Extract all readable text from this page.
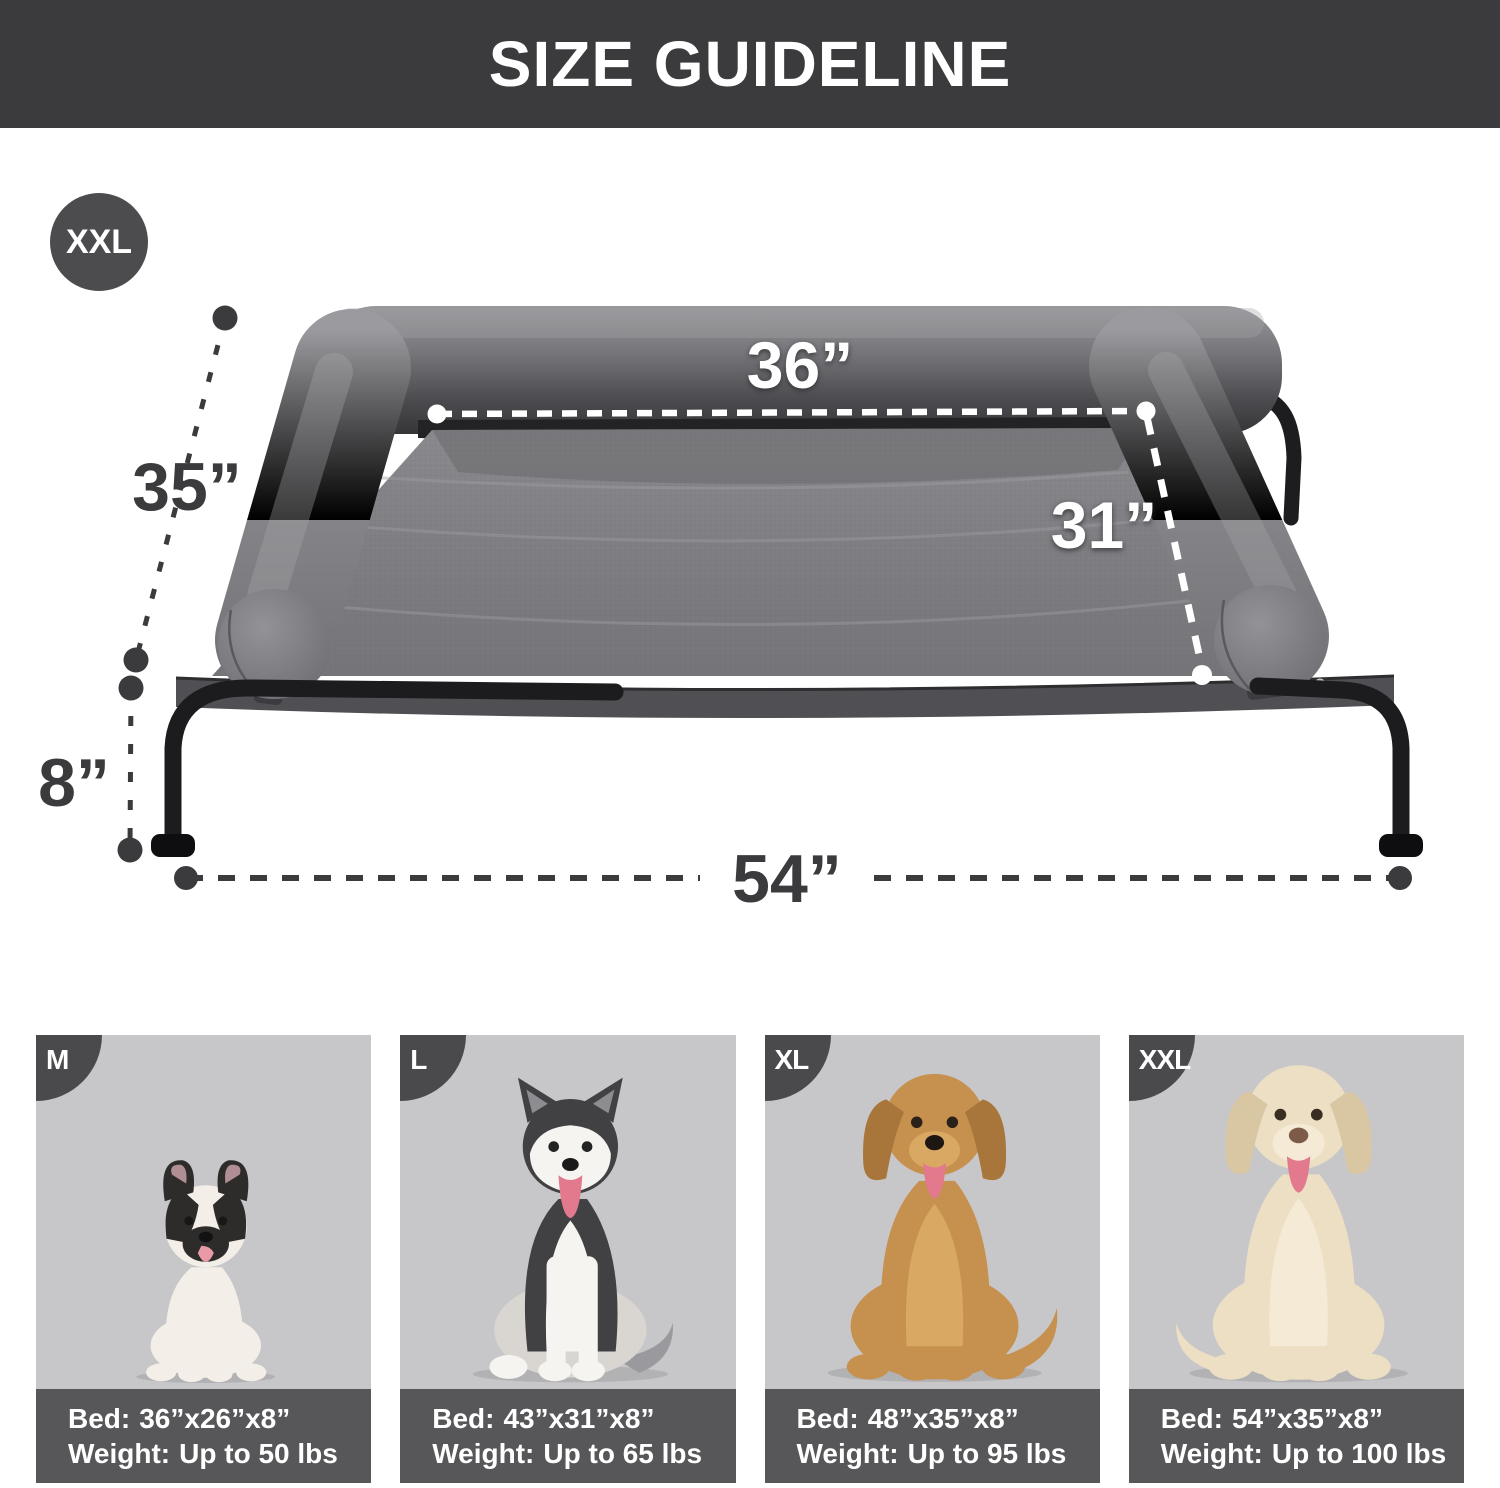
SIZE GUIDELINE
XXL
35”
8”
54”
36”
31”
M
Bed: 36”x26”x8”
Weight: Up to 50 lbs
L
Bed: 43”x31”x8”
Weight: Up to 65 lbs
XL
Bed: 48”x35”x8”
Weight: Up to 95 lbs
XXL
Bed: 54”x35”x8”
Weight: Up to 100 lbs
